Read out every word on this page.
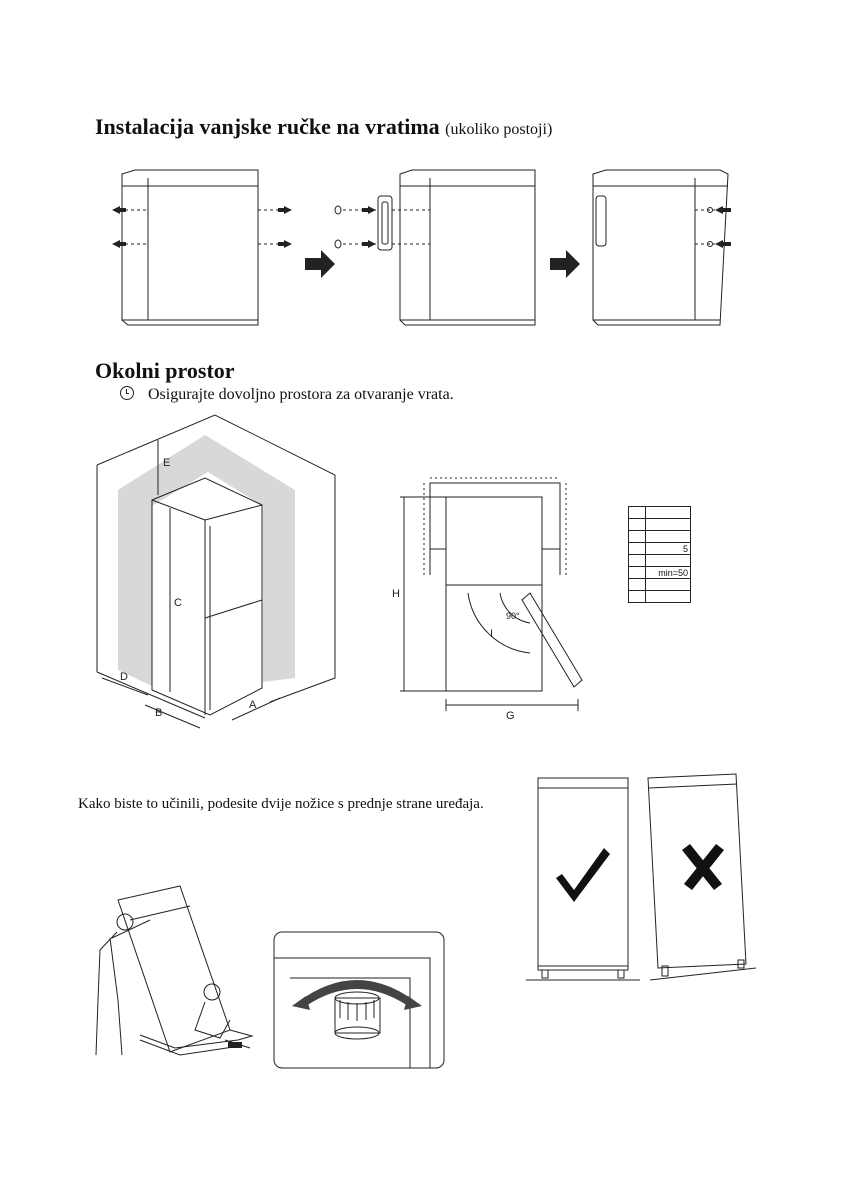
Instalacija vanjske ručke na vratima (ukoliko postoji)
Okolni prostor
Osigurajte dovoljno prostora za otvaranje vrata.
E
C
D
B
A
H
I
G
90°

	5

	min=50

Kako biste to učinili, podesite dvije nožice s prednje strane uređaja.
